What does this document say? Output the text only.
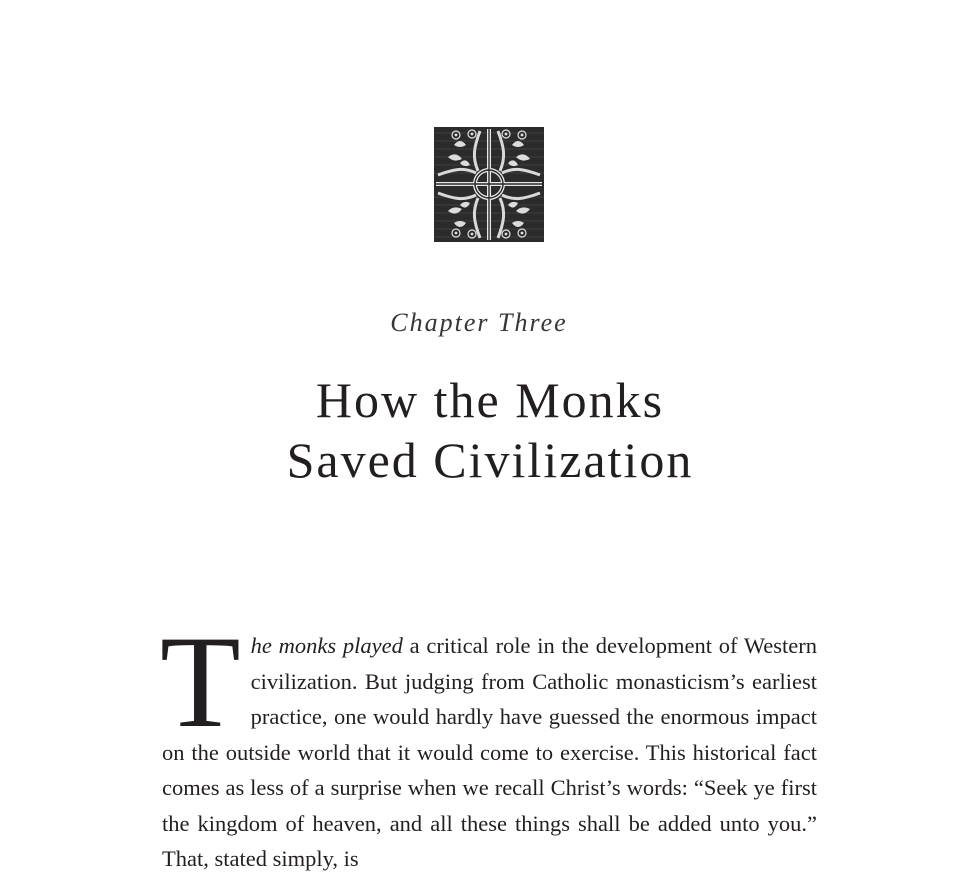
Chapter Three
How the Monks
Saved Civilization
The monks played a critical role in the development of Western civilization. But judging from Catholic monasticism’s earliest practice, one would hardly have guessed the enormous impact on the outside world that it would come to exercise. This historical fact comes as less of a surprise when we recall Christ’s words: “Seek ye first the kingdom of heaven, and all these things shall be added unto you.” That, stated simply, is
